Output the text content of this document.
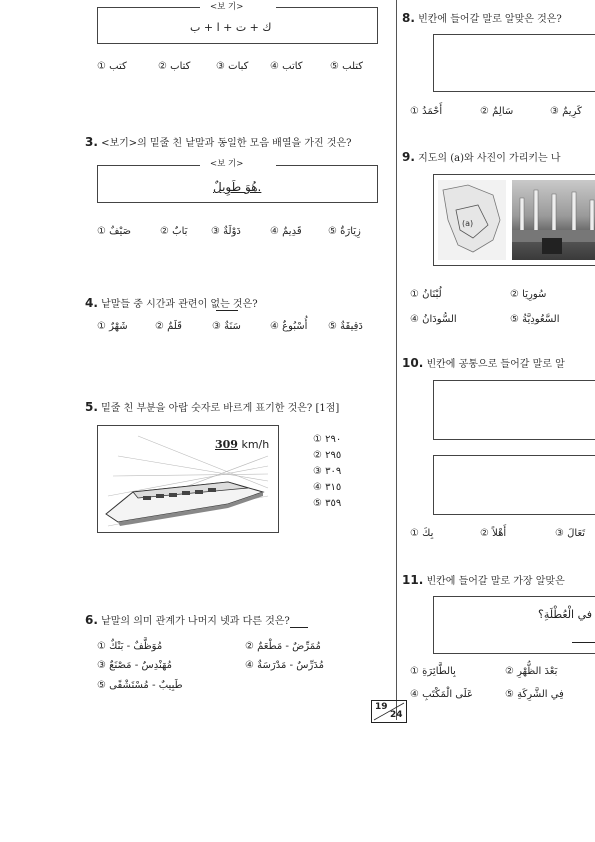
<보 기>
ك + ت + ا + ب
① كتب	② كتاب	③ كبات ④ كاتب	⑤ كتلب
3. <보기>의 밑줄 친 낱말과 동일한 모음 배열을 가진 것은?
<보 기>
هُوَ طَوِيلٌ.
① صَيْفٌ	② بَابٌ ③ دَوْلَةٌ	④ قَدِيمٌ	⑤ زِيَارَةٌ
4. 낱말들 중 시간과 관련이 없는 것은?
① شَهْرٌ	② قَلَمٌ	③ سَنَةٌ	④ أُسْبُوعٌ ⑤ دَقِيقَةٌ
5. 밑줄 친 부분을 아랍 숫자로 바르게 표기한 것은? [1점]
309 km/h	① ٢٩٠
② ٢٩٥
③ ٣٠٩
④ ٣١٥
⑤ ٣٥٩
6. 낱말의 의미 관계가 나머지 넷과 다른 것은?
① مُوَظَّفٌ - بَنْكٌ	② مُمَرِّضٌ - مَطْعَمٌ
③ مُهَنْدِسٌ - مَصْنَعٌ	④ مُدَرِّسٌ - مَدْرَسَةٌ
⑤ طَبِيبٌ - مُسْتَشْفًى
8. 빈칸에 들어갈 말로 알맞은 것은?
① أَحْمَدُ	② سَالِمٌ	③ كَرِيمٌ
9. 지도의 (a)와 사진이 가리키는 나
(a)
① لُبْنَانُ	② سُورِيَا
④ السُّودَانُ	⑤ السَّعُودِيَّةُ
10. 빈칸에 공통으로 들어갈 말로 알
① بِكَ	② أَهْلاً	③ تَعَالَ
11. 빈칸에 들어갈 말로 가장 알맞은
في الْعُطْلَةِ؟
① بِالطَّائِرَةِ	② بَعْدَ الظُّهْرِ
④ عَلَى الْمَكْتَبِ	⑤ فِي الشَّرِكَةِ
19
24
